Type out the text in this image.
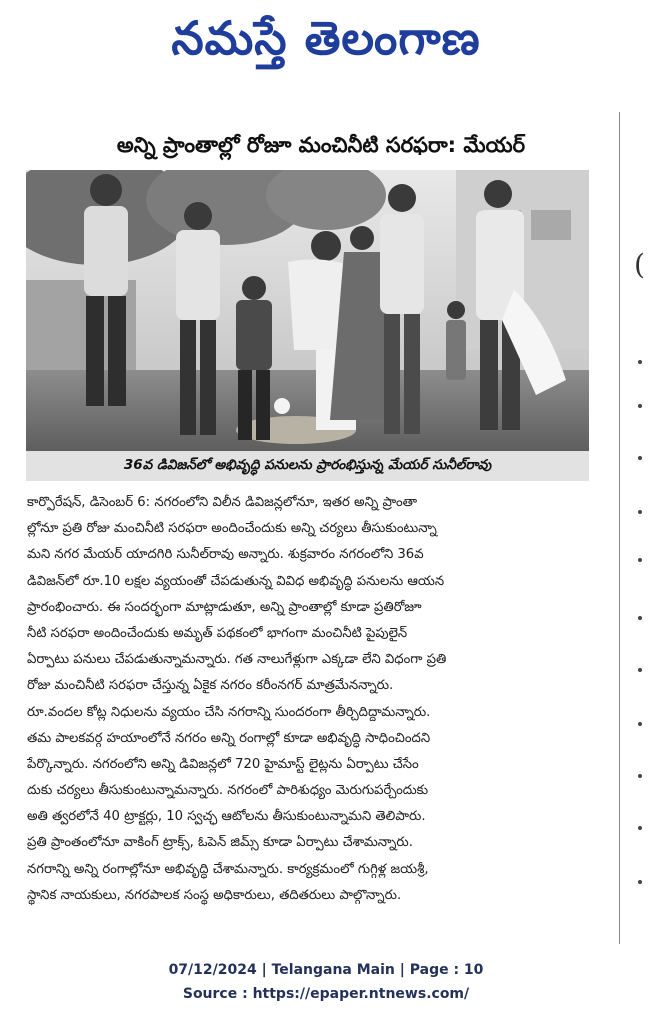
నమస్తే తెలంగాణ
అన్ని ప్రాంతాల్లో రోజూ మంచినీటి సరఫరా: మేయర్
(
36వ డివిజన్‌లో అభివృద్ధి పనులను ప్రారంభిస్తున్న మేయర్ సునీల్‌రావు
కార్పొరేషన్, డిసెంబర్ 6: నగరంలోని విలీన డివిజన్లలోనూ, ఇతర అన్ని ప్రాంతా
ల్లోనూ ప్రతి రోజు మంచినీటి సరఫరా అందించేందుకు అన్ని చర్యలు తీసుకుంటున్నా
మని నగర మేయర్ యాదగిరి సునీల్‌రావు అన్నారు. శుక్రవారం నగరంలోని 36వ
డివిజన్‌లో రూ.10 లక్షల వ్యయంతో చేపడుతున్న వివిధ అభివృద్ధి పనులను ఆయన
ప్రారంభించారు. ఈ సందర్భంగా మాట్లాడుతూ, అన్ని ప్రాంతాల్లో కూడా ప్రతిరోజూ
నీటి సరఫరా అందించేందుకు అమృత్ పథకంలో భాగంగా మంచినీటి పైపులైన్
ఏర్పాటు పనులు చేపడుతున్నామన్నారు. గత నాలుగేళ్లుగా ఎక్కడా లేని విధంగా ప్రతి
రోజు మంచినీటి సరఫరా చేస్తున్న ఏకైక నగరం కరీంనగర్ మాత్రమేనన్నారు.
రూ.వందల కోట్ల నిధులను వ్యయం చేసి నగరాన్ని సుందరంగా తీర్చిదిద్దామన్నారు.
తమ పాలకవర్గ హయాంలోనే నగరం అన్ని రంగాల్లో కూడా అభివృద్ధి సాధించిందని
పేర్కొన్నారు. నగరంలోని అన్ని డివిజన్లలో 720 హైమాస్ట్ లైట్లను ఏర్పాటు చేసేం
దుకు చర్యలు తీసుకుంటున్నామన్నారు. నగరంలో పారిశుధ్యం మెరుగుపర్చేందుకు
అతి త్వరలోనే 40 ట్రాక్టర్లు, 10 స్వచ్ఛ ఆటోలను తీసుకుంటున్నామని తెలిపారు.
ప్రతి ప్రాంతంలోనూ వాకింగ్ ట్రాక్స్, ఓపెన్ జిమ్స్ కూడా ఏర్పాటు చేశామన్నారు.
నగరాన్ని అన్ని రంగాల్లోనూ అభివృద్ధి చేశామన్నారు. కార్యక్రమంలో గుగ్గిళ్ల జయశ్రీ,
స్థానిక నాయకులు, నగరపాలక సంస్థ అధికారులు, తదితరులు పాల్గొన్నారు.
07/12/2024 | Telangana Main | Page : 10
Source : https://epaper.ntnews.com/
